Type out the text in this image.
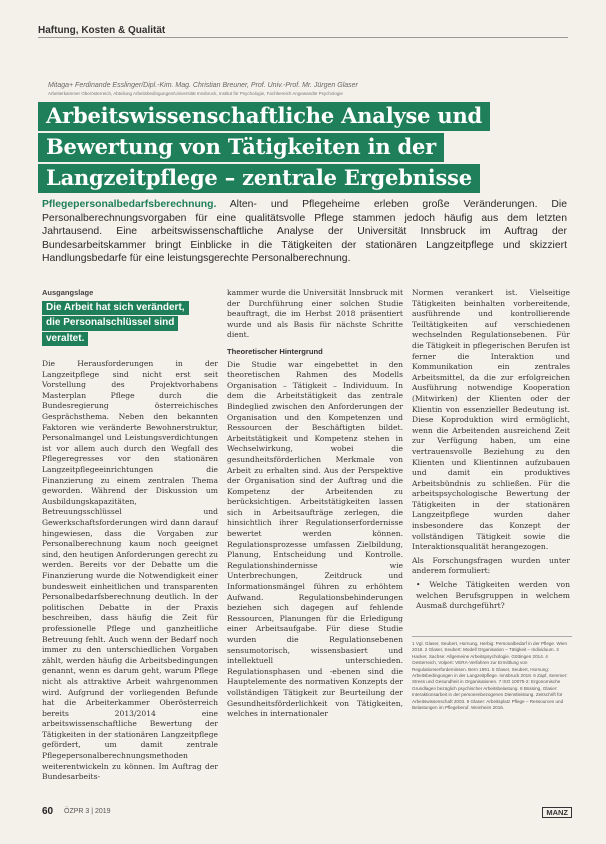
Haftung, Kosten & Qualität
Mitaga+ Ferdinande Esslinger/Dipl.-Kim. Mag. Christian Breuner, Prof. Univ.-Prof. Mr. Jürgen Glaser
Arbeiterkammer Oberösterreich, Abteilung Arbeitsbedingungen/Universität Innsbruck, Institut für Psychologie, Fachbereich Angewandte Psychologie
Arbeitswissenschaftliche Analyse und
Bewertung von Tätigkeiten in der
Langzeitpflege – zentrale Ergebnisse
Pflegepersonalbedarfsberechnung. Alten- und Pflegeheime erleben große Veränderungen. Die Personalberechnungsvorgaben für eine qualitätsvolle Pflege stammen jedoch häufig aus dem letzten Jahrtausend. Eine arbeitswissenschaftliche Analyse der Universität Innsbruck im Auftrag der Bundesarbeitskammer bringt Einblicke in die Tätigkeiten der stationären Langzeitpflege und skizziert Handlungsbedarfe für eine leistungsgerechte Personalberechnung.
Ausgangslage
Die Arbeit hat sich verändert,
die Personalschlüssel sind
veraltet.

Die Herausforderungen in der Langzeitpflege sind nicht erst seit Vorstellung des Projektvorhabens Masterplan Pflege durch die Bundesregierung österreichisches Gesprächsthema. Neben den bekannten Faktoren wie veränderte Bewohnerstruktur, Personalmangel und Leistungsverdichtungen ist vor allem auch durch den Wegfall des Pflegeregresses vor den stationären Langzeitpflegeeinrichtungen die Finanzierung zu einem zentralen Thema geworden. Während der Diskussion um Ausbildungskapazitäten, Betreuungsschlüssel und Gewerkschaftsforderungen wird dann darauf hingewiesen, dass die Vorgaben zur Personalberechnung kaum noch geeignet sind, den heutigen Anforderungen gerecht zu werden. Bereits vor der Debatte um die Finanzierung wurde die Notwendigkeit einer bundesweit einheitlichen und transparenten Personalbedarfsberechnung deutlich. In der politischen Debatte in der Praxis beschreiben, dass häufig die Zeit für professionelle Pflege und ganzheitliche Betreuung fehlt. Auch wenn der Bedarf noch immer zu den unterschiedlichen Vorgaben zählt, werden häufig die Arbeitsbedingungen genannt, wenn es darum geht, warum Pflege nicht als attraktive Arbeit wahrgenommen wird. Aufgrund der vorliegenden Befunde hat die Arbeiterkammer Oberösterreich bereits 2013/2014 eine arbeitswissenschaftliche Bewertung der Tätigkeiten in der stationären Langzeitpflege gefördert, um damit zentrale Pflegepersonalberechnungsmethoden weiterentwickeln zu können. Im Auftrag der Bundesarbeits-

kammer wurde die Universität Innsbruck mit der Durchführung einer solchen Studie beauftragt, die im Herbst 2018 präsentiert wurde und als Basis für nächste Schritte dient.

Theoretischer Hintergrund

Die Studie war eingebettet in den theoretischen Rahmen des Modells Organisation – Tätigkeit – Individuum. In dem die Arbeitstätigkeit das zentrale Bindeglied zwischen den Anforderungen der Organisation und den Kompetenzen und Ressourcen der Beschäftigten bildet. Arbeitstätigkeit und Kompetenz stehen in Wechselwirkung, wobei die gesundheitsförderlichen Merkmale von Arbeit zu erhalten sind. Aus der Perspektive der Organisation sind der Auftrag und die Kompetenz der Arbeitenden zu berücksichtigen. Arbeitstätigkeiten lassen sich in Arbeitsaufträge zerlegen, die hinsichtlich ihrer Regulationserfordernisse bewertet werden können. Regulationsprozesse umfassen Zielbildung, Planung, Entscheidung und Kontrolle. Regulationshindernisse wie Unterbrechungen, Zeitdruck und Informationsmängel führen zu erhöhtem Aufwand. Regulationsbehinderungen beziehen sich dagegen auf fehlende Ressourcen, Planungen für die Erledigung einer Arbeitsaufgabe. Für diese Studie wurden die Regulationsebenen sensumotorisch, wissensbasiert und intellektuell unterschieden. Regulationsphasen und -ebenen sind die Hauptelemente des normativen Konzepts der vollständigen Tätigkeit zur Beurteilung der Gesundheitsförderlichkeit von Tätigkeiten, welches in internationaler

Normen verankert ist. Vielseitige Tätigkeiten beinhalten vorbereitende, ausführende und kontrollierende Teiltätigkeiten auf verschiedenen wechselnden Regulationsebenen. Für die Tätigkeit in pflegerischen Berufen ist ferner die Interaktion und Kommunikation ein zentrales Arbeitsmittel, da die zur erfolgreichen Ausführung notwendige Kooperation (Mitwirken) der Klienten oder der Klientin von essenzieller Bedeutung ist. Diese Koproduktion wird ermöglicht, wenn die Arbeitenden ausreichend Zeit zur Verfügung haben, um eine vertrauensvolle Beziehung zu den Klienten und Klientinnen aufzubauen und damit ein produktives Arbeitsbündnis zu schließen. Für die arbeitspsychologische Bewertung der Tätigkeiten in der stationären Langzeitpflege wurden daher insbesondere das Konzept der vollständigen Tätigkeit sowie die Interaktionsqualität herangezogen.

Als Forschungsfragen wurden unter anderem formuliert:

• Welche Tätigkeiten werden von welchen Berufsgruppen in welchem Ausmaß durchgeführt?
1 Vgl. Glaser, Seubert, Hornung, Herbig: Personalbedarf in der Pflege. Wien 2018. 2 Glaser, Seubert: Modell Organisation – Tätigkeit – Individuum. 3 Hacker, Sachse: Allgemeine Arbeitspsychologie. Göttingen 2014. 4 Oesterreich, Volpert: VERA-Verfahren zur Ermittlung von Regulationserfordernissen. Bern 1991. 5 Glaser, Seubert, Hornung: Arbeitsbedingungen in der Langzeitpflege. Innsbruck 2018. 6 Zapf, Semmer: Stress und Gesundheit in Organisationen. 7 ISO 10075-2: Ergonomische Grundlagen bezüglich psychischer Arbeitsbelastung. 8 Büssing, Glaser: Interaktionsarbeit in der personenbezogenen Dienstleistung. Zeitschrift für Arbeitswissenschaft 2003. 9 Glaser: Arbeitsplatz Pflege – Ressourcen und Belastungen im Pflegeberuf. Weinheim 2016.
60 ÖZPR 3 | 2019	MANZ
